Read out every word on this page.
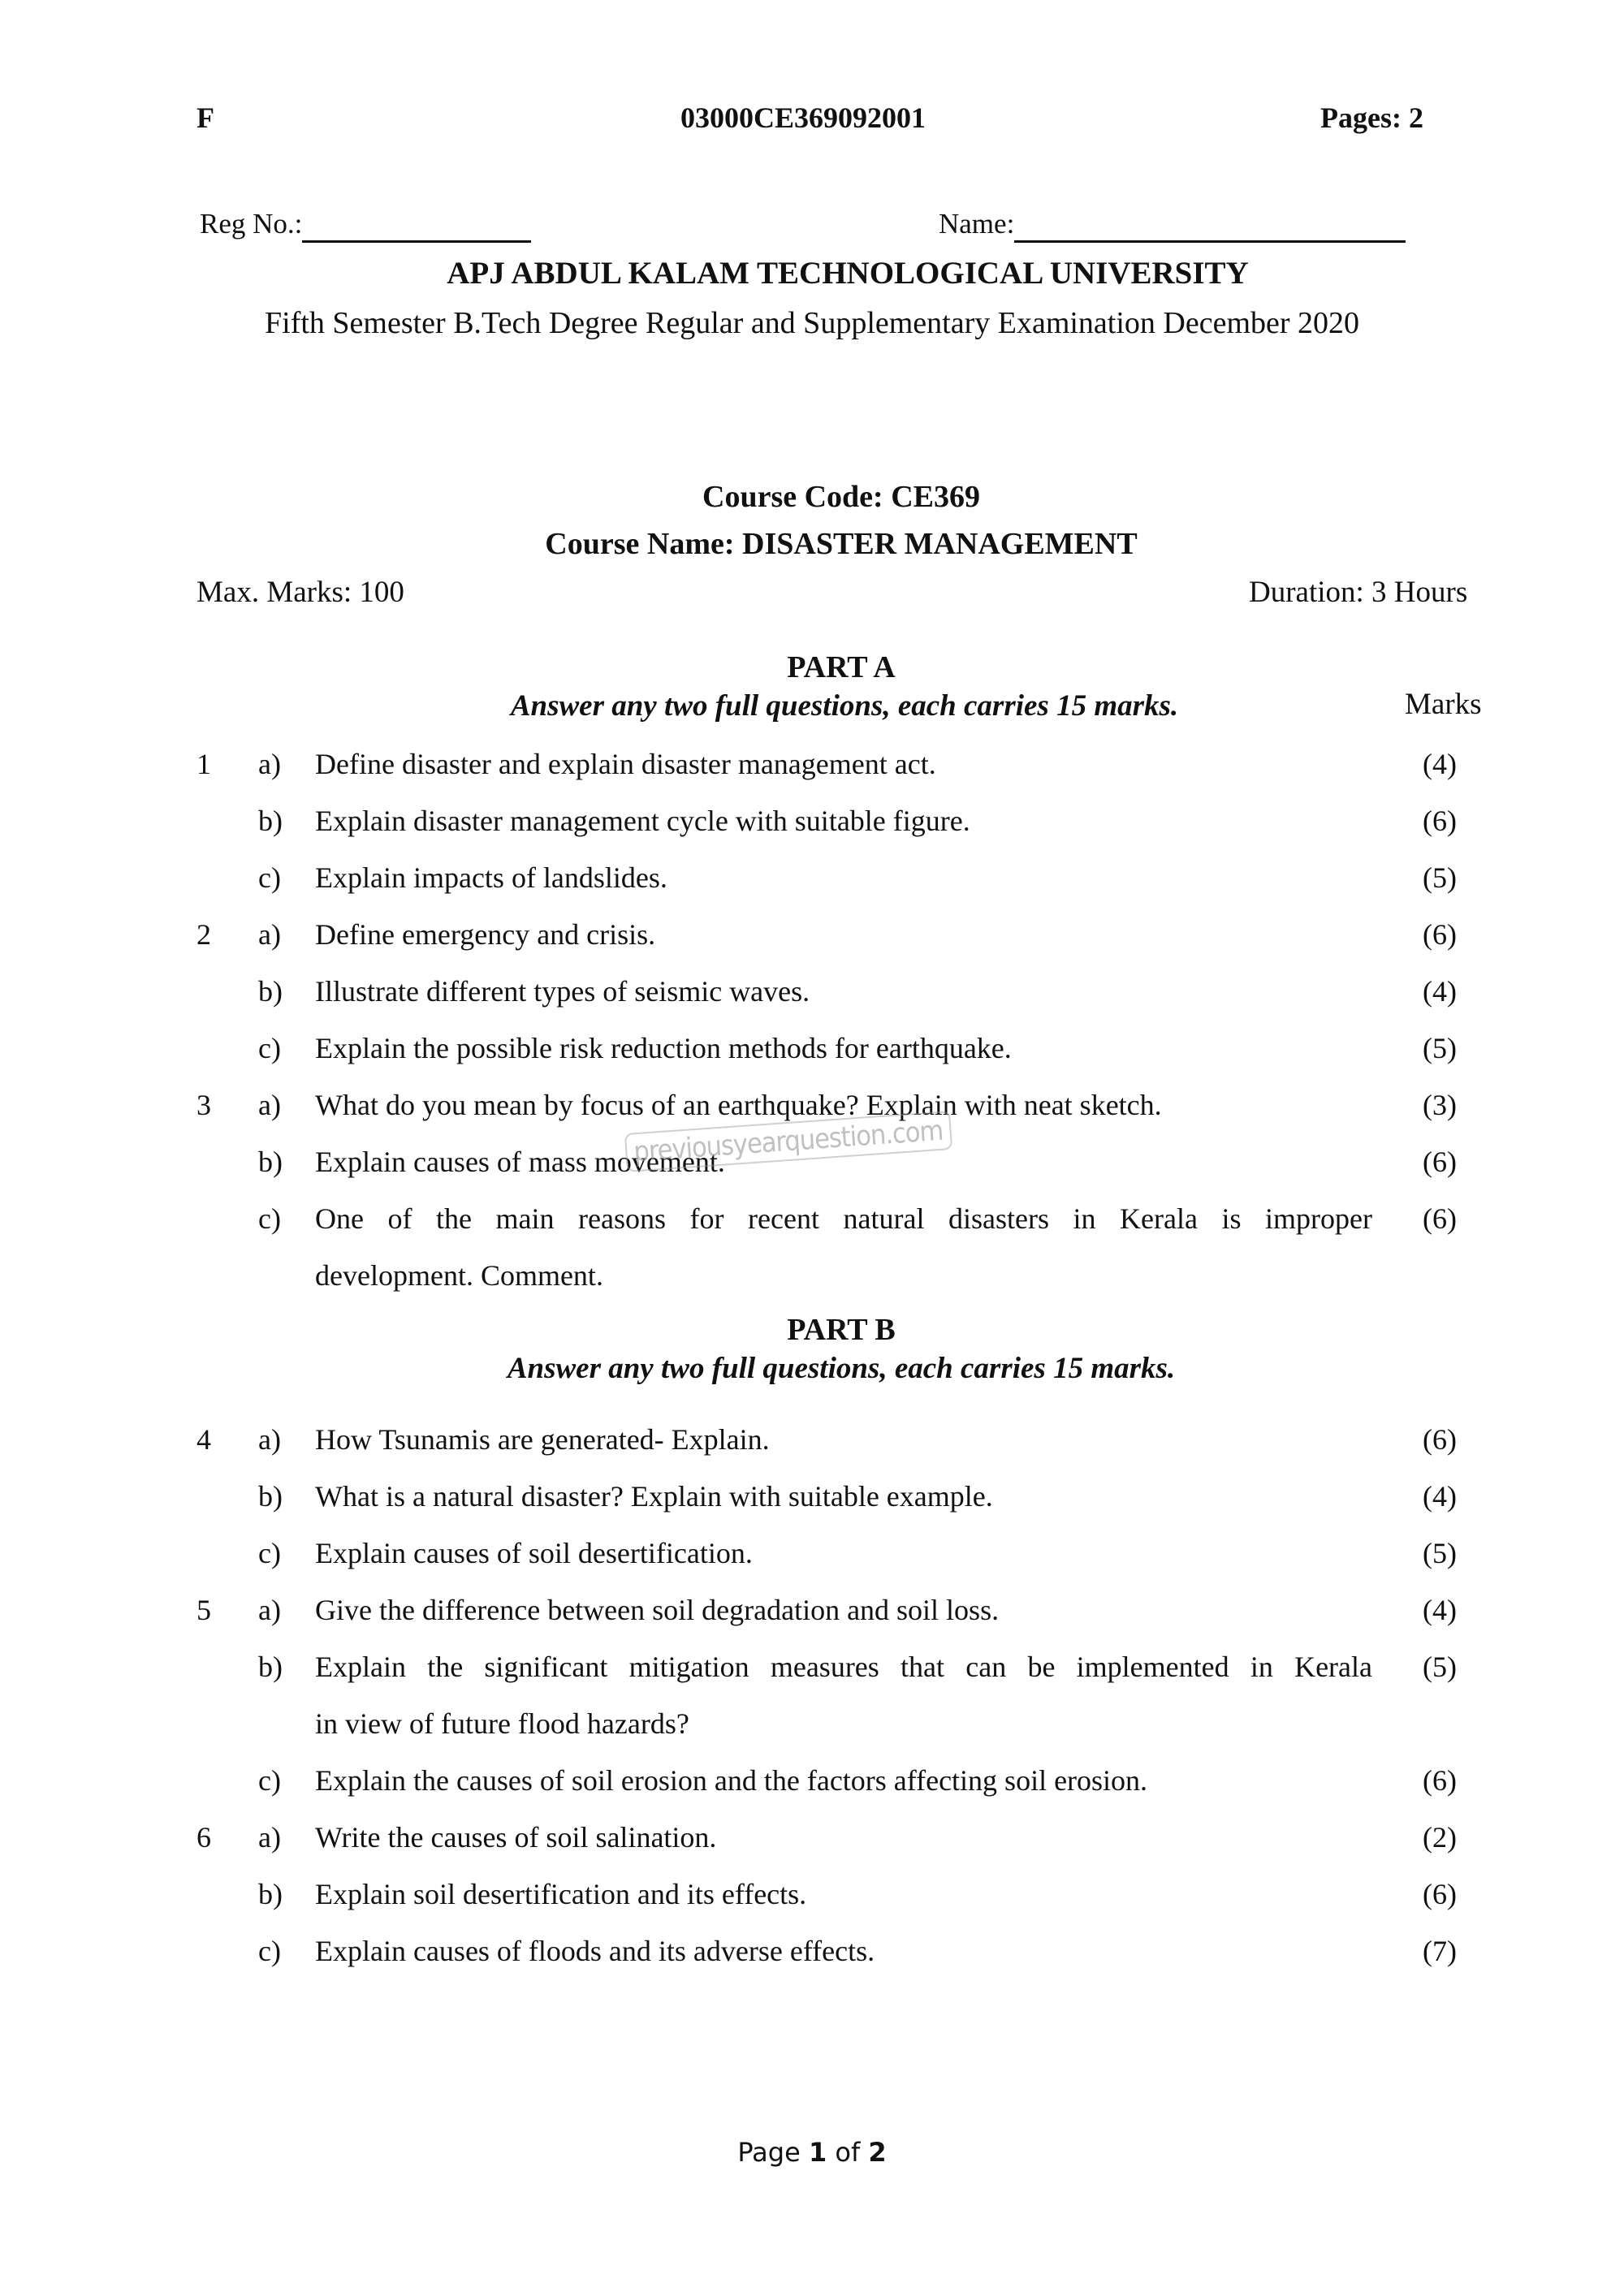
F	03000CE369092001	Pages: 2
Reg No.:	Name:
APJ ABDUL KALAM TECHNOLOGICAL UNIVERSITY
Fifth Semester B.Tech Degree Regular and Supplementary Examination December 2020
Course Code: CE369
Course Name: DISASTER MANAGEMENT
Max. Marks: 100	Duration: 3 Hours
PART A
Answer any two full questions, each carries 15 marks.	Marks
1 a) Define disaster and explain disaster management act.	(4)
b) Explain disaster management cycle with suitable figure.	(6)
c) Explain impacts of landslides.	(5)
2 a) Define emergency and crisis.	(6)
b) Illustrate different types of seismic waves.	(4)
c) Explain the possible risk reduction methods for earthquake.	(5)
3 a) What do you mean by focus of an earthquake? Explain with neat sketch.	(3)
b) Explain causes of mass movement.	(6)
previousyearquestion.com
c) One of the main reasons for recent natural disasters in Kerala is improper (6)
development. Comment.
PART B
Answer any two full questions, each carries 15 marks.
4 a) How Tsunamis are generated- Explain.	(6)
b) What is a natural disaster? Explain with suitable example.	(4)
c) Explain causes of soil desertification.	(5)
5 a) Give the difference between soil degradation and soil loss.	(4)
b) Explain the significant mitigation measures that can be implemented in Kerala (5)
in view of future flood hazards?
c) Explain the causes of soil erosion and the factors affecting soil erosion.	(6)
6 a) Write the causes of soil salination.	(2)
b) Explain soil desertification and its effects.	(6)
c) Explain causes of floods and its adverse effects.	(7)
Page 1 of 2
